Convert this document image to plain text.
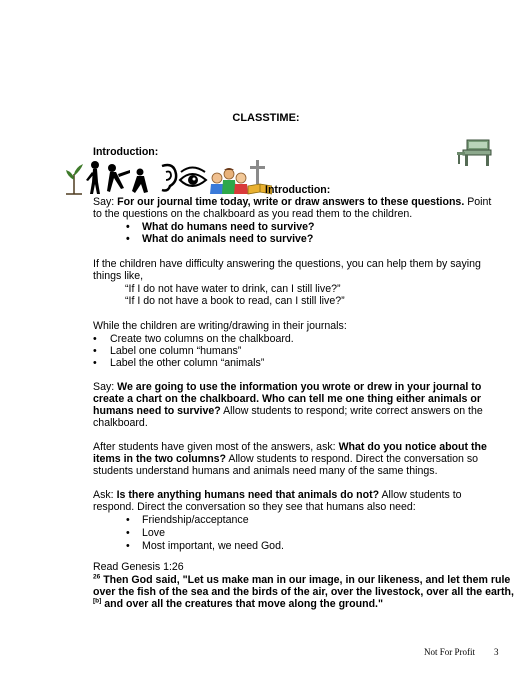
CLASSTIME:
Introduction:
Introduction:
Say: For our journal time today, write or draw answers to these questions. Point
to the questions on the chalkboard as you read them to the children.
• What do humans need to survive?
• What do animals need to survive?
If the children have difficulty answering the questions, you can help them by saying
things like,
“If I do not have water to drink, can I still live?”
“If I do not have a book to read, can I still live?”
While the children are writing/drawing in their journals:
• Create two columns on the chalkboard.
• Label one column “humans”
• Label the other column “animals”
Say: We are going to use the information you wrote or drew in your journal to
create a chart on the chalkboard. Who can tell me one thing either animals or
humans need to survive? Allow students to respond; write correct answers on the
chalkboard.
After students have given most of the answers, ask: What do you notice about the
items in the two columns? Allow students to respond. Direct the conversation so
students understand humans and animals need many of the same things.
Ask: Is there anything humans need that animals do not? Allow students to
respond. Direct the conversation so they see that humans also need:
• Friendship/acceptance
• Love
• Most important, we need God.
Read Genesis 1:26
$^{26}$ Then God said, "Let us make man in our image, in our likeness, and let them rule
over the fish of the sea and the birds of the air, over the livestock, over all the earth,
[b] and over all the creatures that move along the ground."
Not For Profit 3
